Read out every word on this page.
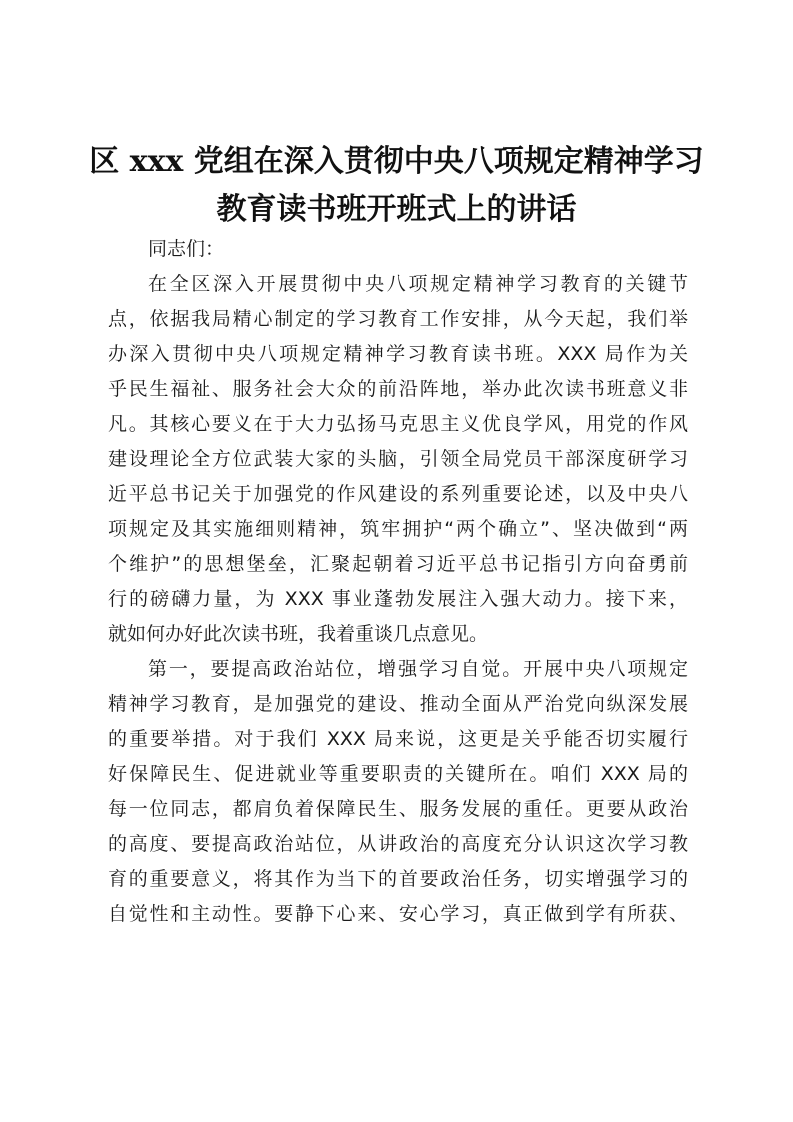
区 xxx 党组在深入贯彻中央八项规定精神学习
教育读书班开班式上的讲话
同志们：
在全区深入开展贯彻中央八项规定精神学习教育的关键节
点，依据我局精心制定的学习教育工作安排，从今天起，我们举
办深入贯彻中央八项规定精神学习教育读书班。XXX 局作为关
乎民生福祉、服务社会大众的前沿阵地，举办此次读书班意义非
凡。其核心要义在于大力弘扬马克思主义优良学风，用党的作风
建设理论全方位武装大家的头脑，引领全局党员干部深度研学习
近平总书记关于加强党的作风建设的系列重要论述，以及中央八
项规定及其实施细则精神，筑牢拥护“两个确立”、坚决做到“两
个维护”的思想堡垒，汇聚起朝着习近平总书记指引方向奋勇前
行的磅礴力量，为 XXX 事业蓬勃发展注入强大动力。接下来，
就如何办好此次读书班，我着重谈几点意见。
第一，要提高政治站位，增强学习自觉。开展中央八项规定
精神学习教育，是加强党的建设、推动全面从严治党向纵深发展
的重要举措。对于我们 XXX 局来说，这更是关乎能否切实履行
好保障民生、促进就业等重要职责的关键所在。咱们 XXX 局的
每一位同志，都肩负着保障民生、服务发展的重任。更要从政治
的高度、要提高政治站位，从讲政治的高度充分认识这次学习教
育的重要意义，将其作为当下的首要政治任务，切实增强学习的
自觉性和主动性。要静下心来、安心学习，真正做到学有所获、
